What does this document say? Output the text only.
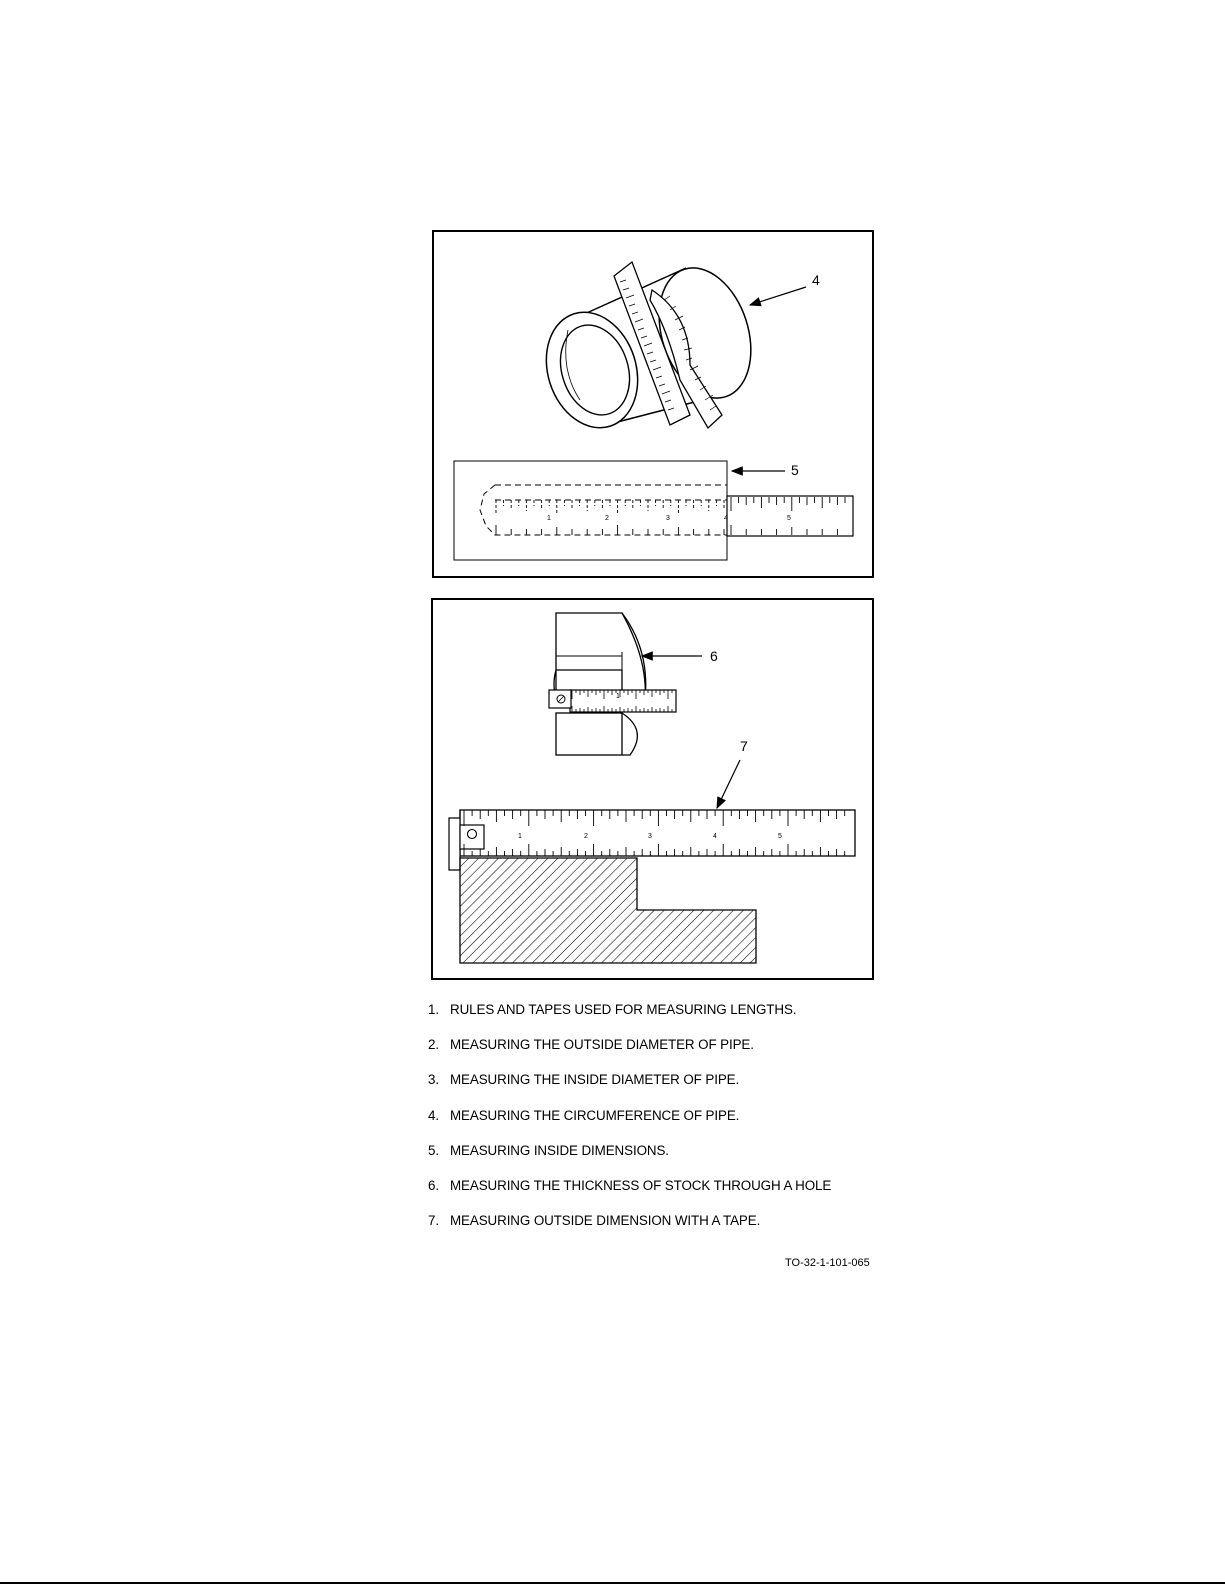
4
1	2	3	4	5
5
1
6
1	2	3	4	5
7
1. RULES AND TAPES USED FOR MEASURING LENGTHS.
2. MEASURING THE OUTSIDE DIAMETER OF PIPE.
3. MEASURING THE INSIDE DIAMETER OF PIPE.
4. MEASURING THE CIRCUMFERENCE OF PIPE.
5. MEASURING INSIDE DIMENSIONS.
6. MEASURING THE THICKNESS OF STOCK THROUGH A HOLE
7. MEASURING OUTSIDE DIMENSION WITH A TAPE.
TO-32-1-101-065
